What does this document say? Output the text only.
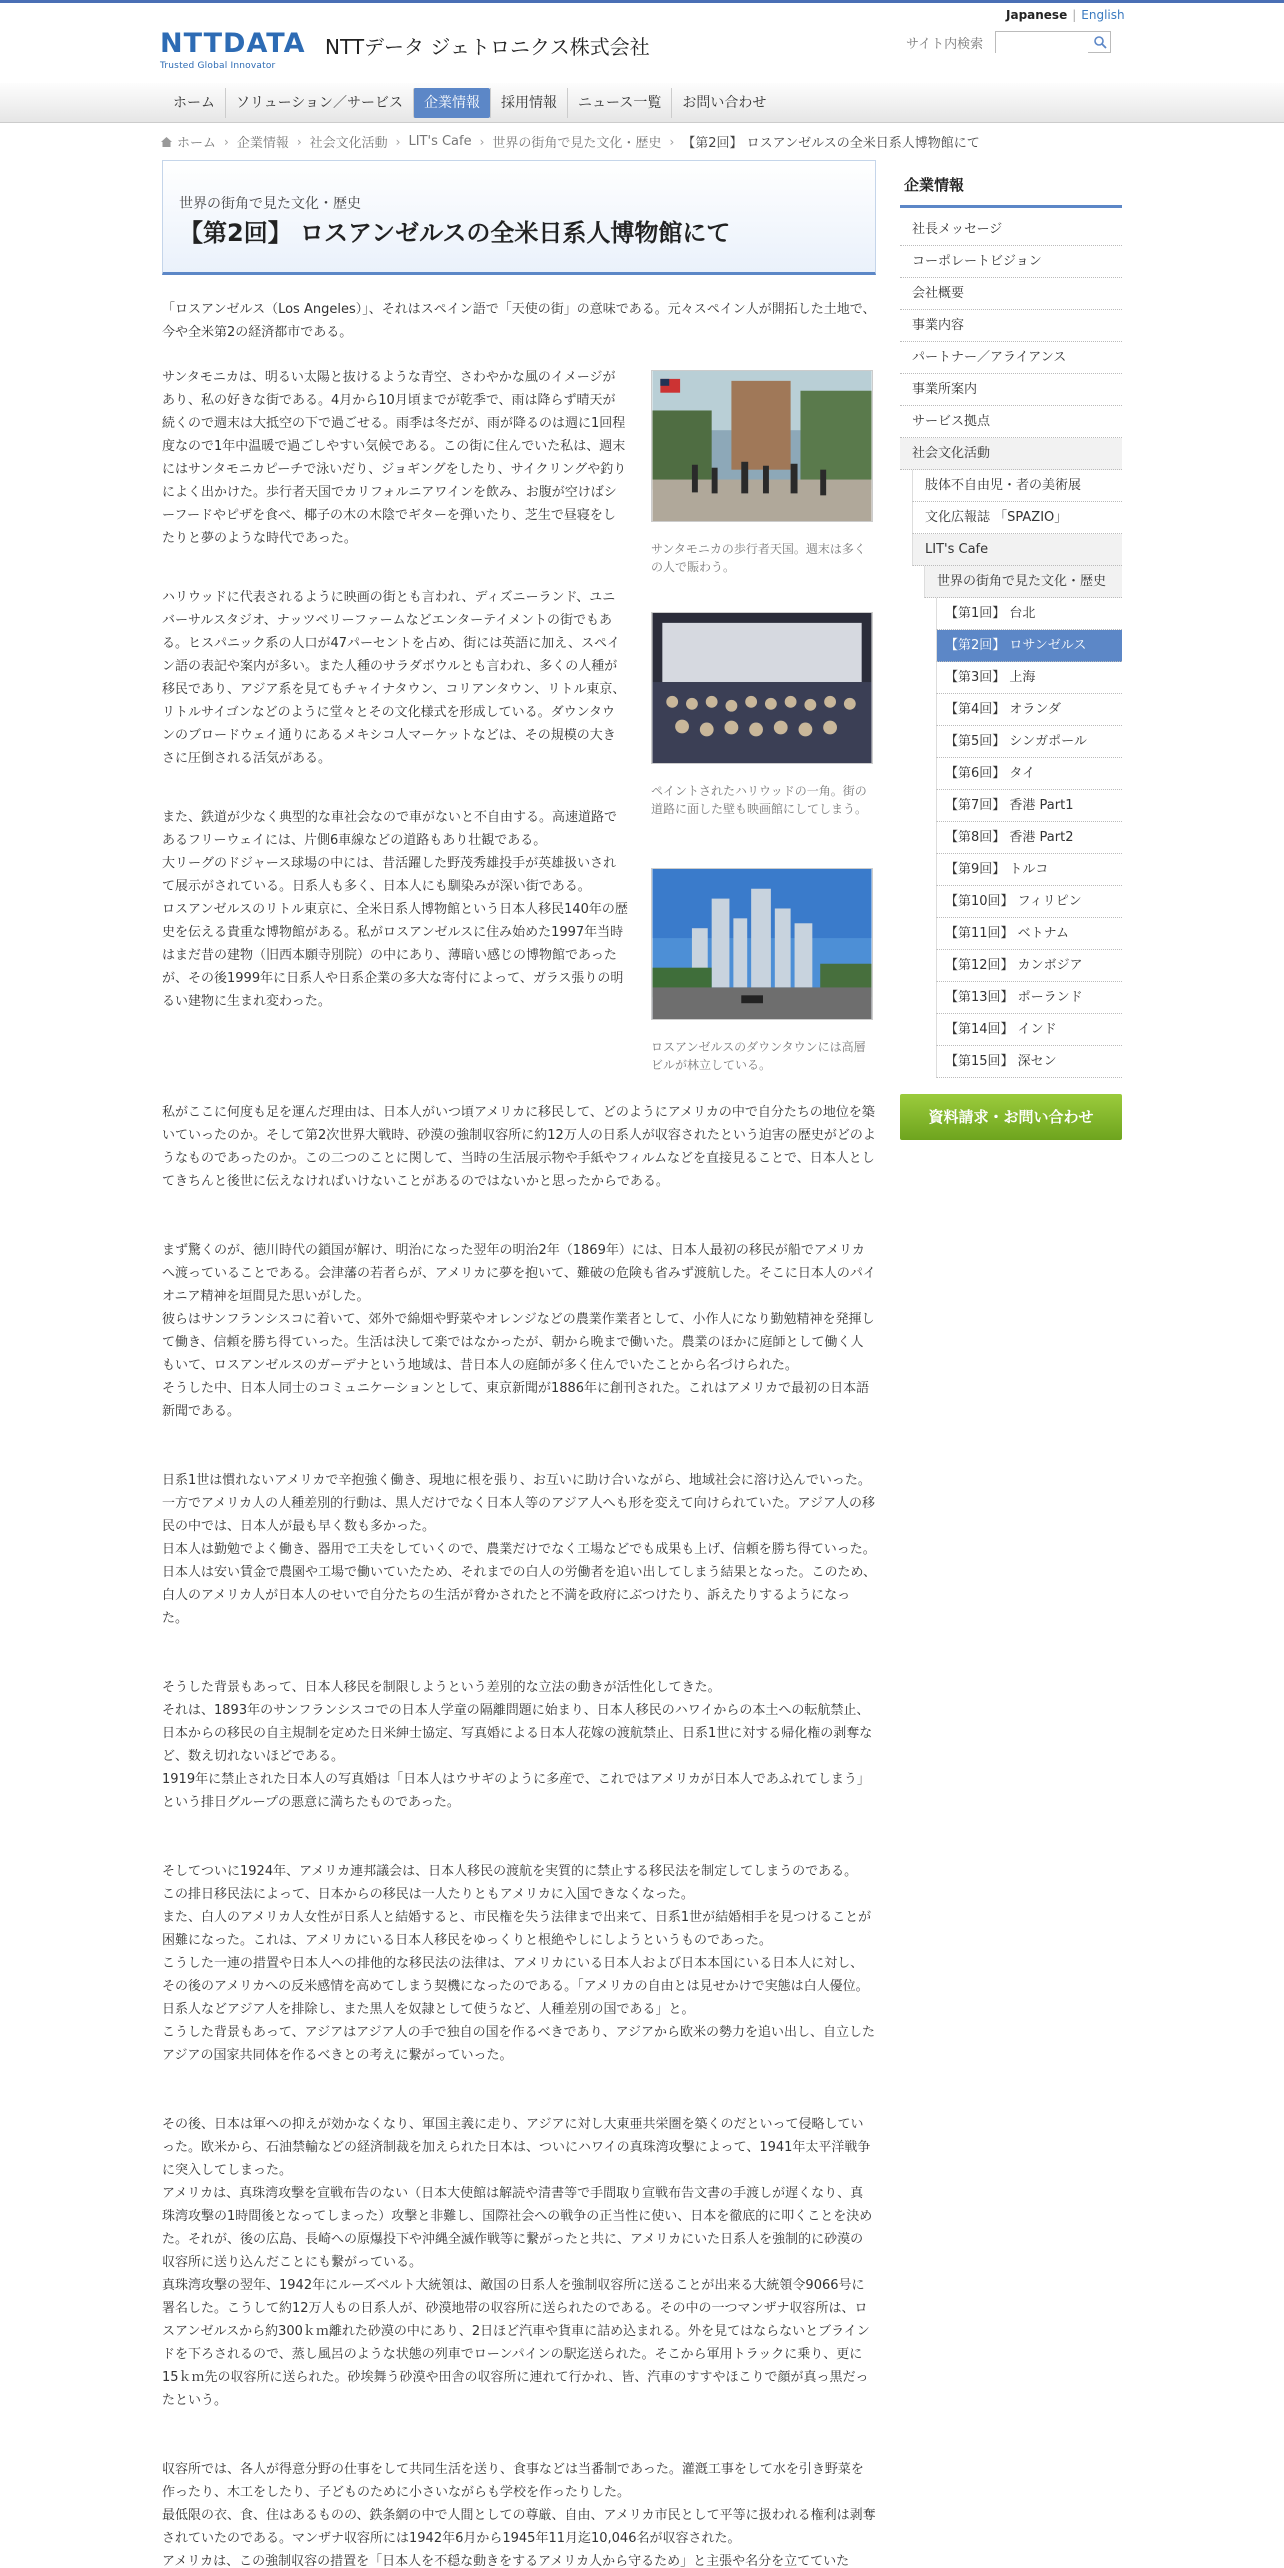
NTTDATA
Trusted Global Innovator
NTTデータ ジェトロニクス株式会社
Japanese | English
サイト内検索
ホーム	ソリューション／サービス	企業情報	採用情報	ニュース一覧	お問い合わせ
ホーム › 企業情報 › 社会文化活動 › LIT's Cafe › 世界の街角で見た文化・歴史 › 【第2回】 ロスアンゼルスの全米日系人博物館にて
世界の街角で見た文化・歴史
【第2回】 ロスアンゼルスの全米日系人博物館にて

「ロスアンゼルス（Los Angeles）」、それはスペイン語で「天使の街」の意味である。元々スペイン人が開拓した土地で、今や全米第2の経済都市である。

サンタモニカは、明るい太陽と抜けるような青空、さわやかな風のイメージがあり、私の好きな街である。4月から10月頃までが乾季で、雨は降らず晴天が続くので週末は大抵空の下で過ごせる。雨季は冬だが、雨が降るのは週に1回程度なので1年中温暖で過ごしやすい気候である。この街に住んでいた私は、週末にはサンタモニカピーチで泳いだり、ジョギングをしたり、サイクリングや釣りによく出かけた。歩行者天国でカリフォルニアワインを飲み、お腹が空けばシーフードやピザを食べ、椰子の木の木陰でギターを弾いたり、芝生で昼寝をしたりと夢のような時代であった。
ハリウッドに代表されるように映画の街とも言われ、ディズニーランド、ユニバーサルスタジオ、ナッツベリーファームなどエンターテイメントの街でもある。ヒスパニック系の人口が47パーセントを占め、街には英語に加え、スペイン語の表記や案内が多い。また人種のサラダボウルとも言われ、多くの人種が移民であり、アジア系を見てもチャイナタウン、コリアンタウン、リトル東京、リトルサイゴンなどのように堂々とその文化様式を形成している。ダウンタウンのブロードウェイ通りにあるメキシコ人マーケットなどは、その規模の大きさに圧倒される活気がある。
また、鉄道が少なく典型的な車社会なので車がないと不自由する。高速道路であるフリーウェイには、片側6車線などの道路もあり壮観である。
大リーグのドジャース球場の中には、昔活躍した野茂秀雄投手が英雄扱いされて展示がされている。日系人も多く、日本人にも馴染みが深い街である。
ロスアンゼルスのリトル東京に、全米日系人博物館という日本人移民140年の歴史を伝える貴重な博物館がある。私がロスアンゼルスに住み始めた1997年当時はまだ昔の建物（旧西本願寺別院）の中にあり、薄暗い感じの博物館であったが、その後1999年に日系人や日系企業の多大な寄付によって、ガラス張りの明るい建物に生まれ変わった。
サンタモニカの歩行者天国。週末は多くの人で賑わう。
ペイントされたハリウッドの一角。街の道路に面した壁も映画館にしてしまう。
ロスアンゼルスのダウンタウンには高層ビルが林立している。

私がここに何度も足を運んだ理由は、日本人がいつ頃アメリカに移民して、どのようにアメリカの中で自分たちの地位を築いていったのか。そして第2次世界大戦時、砂漠の強制収容所に約12万人の日系人が収容されたという迫害の歴史がどのようなものであったのか。この二つのことに関して、当時の生活展示物や手紙やフィルムなどを直接見ることで、日本人としてきちんと後世に伝えなければいけないことがあるのではないかと思ったからである。

まず驚くのが、徳川時代の鎖国が解け、明治になった翌年の明治2年（1869年）には、日本人最初の移民が船でアメリカへ渡っていることである。会津藩の若者らが、アメリカに夢を抱いて、難破の危険も省みず渡航した。そこに日本人のパイオニア精神を垣間見た思いがした。
彼らはサンフランシスコに着いて、郊外で綿畑や野菜やオレンジなどの農業作業者として、小作人になり勤勉精神を発揮して働き、信頼を勝ち得ていった。生活は決して楽ではなかったが、朝から晩まで働いた。農業のほかに庭師として働く人もいて、ロスアンゼルスのガーデナという地域は、昔日本人の庭師が多く住んでいたことから名づけられた。
そうした中、日本人同士のコミュニケーションとして、東京新聞が1886年に創刊された。これはアメリカで最初の日本語新聞である。

日系1世は慣れないアメリカで辛抱強く働き、現地に根を張り、お互いに助け合いながら、地域社会に溶け込んでいった。一方でアメリカ人の人種差別的行動は、黒人だけでなく日本人等のアジア人へも形を変えて向けられていた。アジア人の移民の中では、日本人が最も早く数も多かった。
日本人は勤勉でよく働き、器用で工夫をしていくので、農業だけでなく工場などでも成果も上げ、信頼を勝ち得ていった。日本人は安い賃金で農園や工場で働いていたため、それまでの白人の労働者を追い出してしまう結果となった。このため、白人のアメリカ人が日本人のせいで自分たちの生活が脅かされたと不満を政府にぶつけたり、訴えたりするようになった。

そうした背景もあって、日本人移民を制限しようという差別的な立法の動きが活性化してきた。
それは、1893年のサンフランシスコでの日本人学童の隔離問題に始まり、日本人移民のハワイからの本土への転航禁止、日本からの移民の自主規制を定めた日米紳士協定、写真婚による日本人花嫁の渡航禁止、日系1世に対する帰化権の剥奪など、数え切れないほどである。
1919年に禁止された日本人の写真婚は「日本人はウサギのように多産で、これではアメリカが日本人であふれてしまう」という排日グループの悪意に満ちたものであった。

そしてついに1924年、アメリカ連邦議会は、日本人移民の渡航を実質的に禁止する移民法を制定してしまうのである。
この排日移民法によって、日本からの移民は一人たりともアメリカに入国できなくなった。
また、白人のアメリカ人女性が日系人と結婚すると、市民権を失う法律まで出来て、日系1世が結婚相手を見つけることが困難になった。これは、アメリカにいる日本人移民をゆっくりと根絶やしにしようというものであった。
こうした一連の措置や日本人への排他的な移民法の法律は、アメリカにいる日本人および日本本国にいる日本人に対し、その後のアメリカへの反米感情を高めてしまう契機になったのである。「アメリカの自由とは見せかけで実態は白人優位。日系人などアジア人を排除し、また黒人を奴隷として使うなど、人種差別の国である」と。
こうした背景もあって、アジアはアジア人の手で独自の国を作るべきであり、アジアから欧米の勢力を追い出し、自立したアジアの国家共同体を作るべきとの考えに繋がっていった。

その後、日本は軍への抑えが効かなくなり、軍国主義に走り、アジアに対し大東亜共栄圏を築くのだといって侵略していった。欧米から、石油禁輸などの経済制裁を加えられた日本は、ついにハワイの真珠湾攻撃によって、1941年太平洋戦争に突入してしまった。
アメリカは、真珠湾攻撃を宣戦布告のない（日本大使館は解読や清書等で手間取り宣戦布告文書の手渡しが遅くなり、真珠湾攻撃の1時間後となってしまった）攻撃と非難し、国際社会への戦争の正当性に使い、日本を徹底的に叩くことを決めた。それが、後の広島、長崎への原爆投下や沖縄全滅作戦等に繋がったと共に、アメリカにいた日系人を強制的に砂漠の収容所に送り込んだことにも繋がっている。
真珠湾攻撃の翌年、1942年にルーズベルト大統領は、敵国の日系人を強制収容所に送ることが出来る大統領令9066号に署名した。こうして約12万人もの日系人が、砂漠地帯の収容所に送られたのである。その中の一つマンザナ収容所は、ロスアンゼルスから約300ｋｍ離れた砂漠の中にあり、2日ほど汽車や貨車に詰め込まれる。外を見てはならないとブラインドを下ろされるので、蒸し風呂のような状態の列車でローンパインの駅迄送られた。そこから軍用トラックに乗り、更に15ｋｍ先の収容所に送られた。砂埃舞う砂漠や田舎の収容所に連れて行かれ、皆、汽車のすすやほこりで顔が真っ黒だったという。

収容所では、各人が得意分野の仕事をして共同生活を送り、食事などは当番制であった。灌漑工事をして水を引き野菜を作ったり、木工をしたり、子どものために小さいながらも学校を作ったりした。
最低限の衣、食、住はあるものの、鉄条網の中で人間としての尊厳、自由、アメリカ市民として平等に扱われる権利は剥奪されていたのである。マンザナ収容所には1942年6月から1945年11月迄10,046名が収容された。
アメリカは、この強制収容の措置を「日本人を不穏な動きをするアメリカ人から守るため」と主張や名分を立てていた

企業情報
社長メッセージ
コーポレートビジョン
会社概要
事業内容
パートナー／アライアンス
事業所案内
サービス拠点
社会文化活動
肢体不自由児・者の美術展
文化広報誌 「SPAZIO」
LIT's Cafe
世界の街角で見た文化・歴史
【第1回】 台北
【第2回】 ロサンゼルス
【第3回】 上海
【第4回】 オランダ
【第5回】 シンガポール
【第6回】 タイ
【第7回】 香港 Part1
【第8回】 香港 Part2
【第9回】 トルコ
【第10回】 フィリピン
【第11回】 ベトナム
【第12回】 カンボジア
【第13回】 ポーランド
【第14回】 インド
【第15回】 深セン
資料請求・お問い合わせ
